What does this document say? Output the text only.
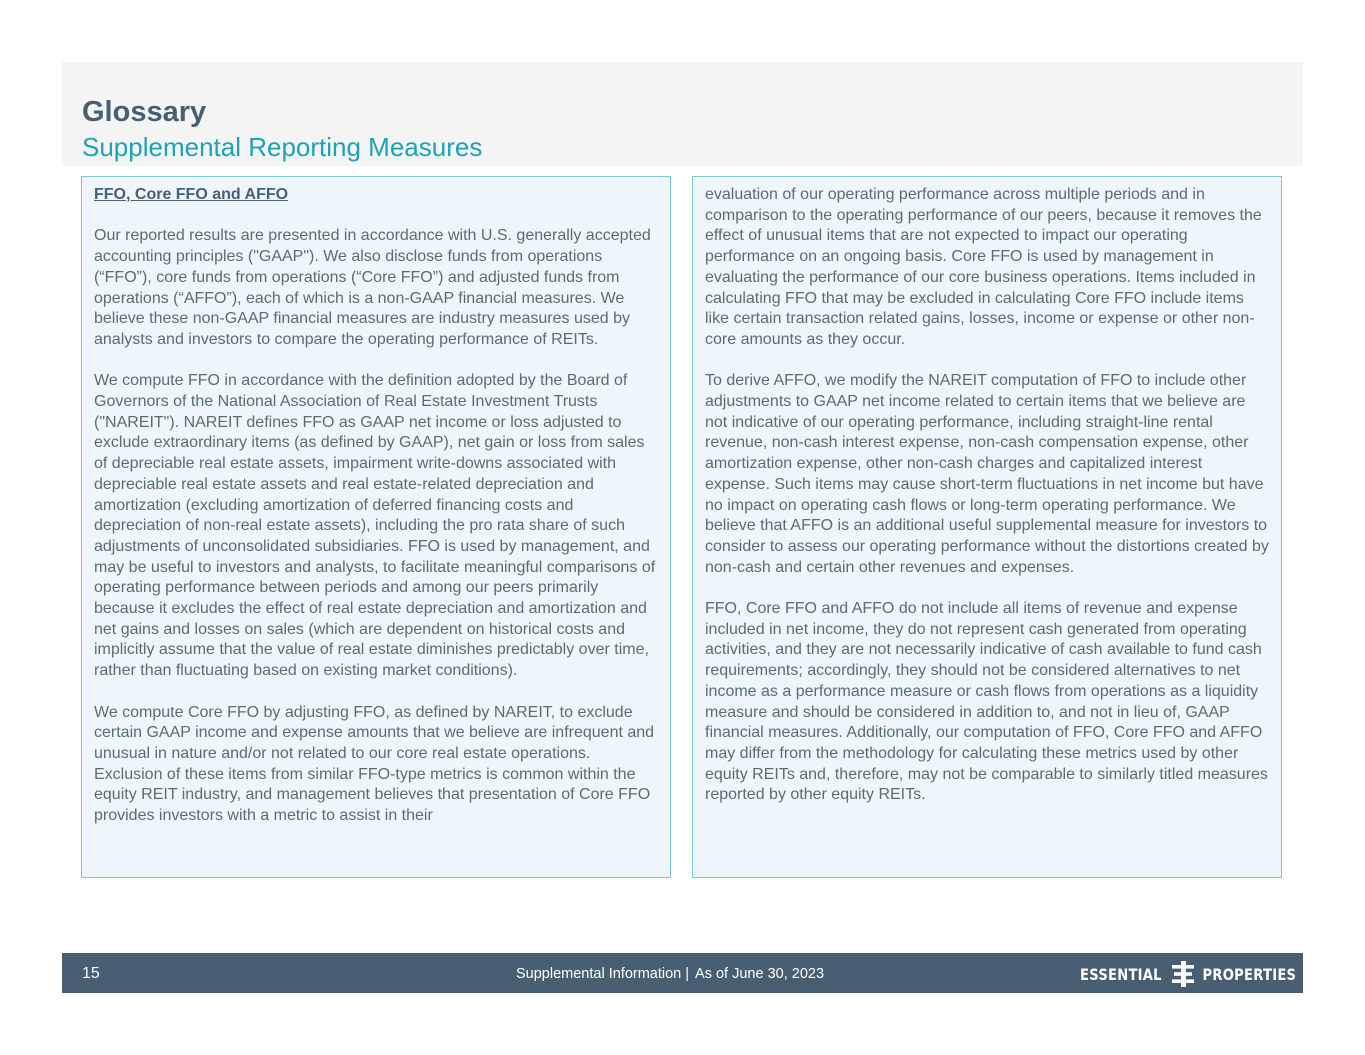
Glossary
Supplemental Reporting Measures
FFO, Core FFO and AFFO

Our reported results are presented in accordance with U.S. generally accepted accounting principles ("GAAP"). We also disclose funds from operations (“FFO”), core funds from operations (“Core FFO”) and adjusted funds from operations (“AFFO”), each of which is a non-GAAP financial measures. We believe these non-GAAP financial measures are industry measures used by analysts and investors to compare the operating performance of REITs.

We compute FFO in accordance with the definition adopted by the Board of Governors of the National Association of Real Estate Investment Trusts ("NAREIT"). NAREIT defines FFO as GAAP net income or loss adjusted to exclude extraordinary items (as defined by GAAP), net gain or loss from sales of depreciable real estate assets, impairment write-downs associated with depreciable real estate assets and real estate-related depreciation and amortization (excluding amortization of deferred financing costs and depreciation of non-real estate assets), including the pro rata share of such adjustments of unconsolidated subsidiaries. FFO is used by management, and may be useful to investors and analysts, to facilitate meaningful comparisons of operating performance between periods and among our peers primarily because it excludes the effect of real estate depreciation and amortization and net gains and losses on sales (which are dependent on historical costs and implicitly assume that the value of real estate diminishes predictably over time, rather than fluctuating based on existing market conditions).

We compute Core FFO by adjusting FFO, as defined by NAREIT, to exclude certain GAAP income and expense amounts that we believe are infrequent and unusual in nature and/or not related to our core real estate operations. Exclusion of these items from similar FFO-type metrics is common within the equity REIT industry, and management believes that presentation of Core FFO provides investors with a metric to assist in their

evaluation of our operating performance across multiple periods and in comparison to the operating performance of our peers, because it removes the effect of unusual items that are not expected to impact our operating performance on an ongoing basis. Core FFO is used by management in evaluating the performance of our core business operations. Items included in calculating FFO that may be excluded in calculating Core FFO include items like certain transaction related gains, losses, income or expense or other non-core amounts as they occur.

To derive AFFO, we modify the NAREIT computation of FFO to include other adjustments to GAAP net income related to certain items that we believe are not indicative of our operating performance, including straight-line rental revenue, non-cash interest expense, non-cash compensation expense, other amortization expense, other non-cash charges and capitalized interest expense. Such items may cause short-term fluctuations in net income but have no impact on operating cash flows or long-term operating performance. We believe that AFFO is an additional useful supplemental measure for investors to consider to assess our operating performance without the distortions created by non-cash and certain other revenues and expenses.

FFO, Core FFO and AFFO do not include all items of revenue and expense included in net income, they do not represent cash generated from operating activities, and they are not necessarily indicative of cash available to fund cash requirements; accordingly, they should not be considered alternatives to net income as a performance measure or cash flows from operations as a liquidity measure and should be considered in addition to, and not in lieu of, GAAP financial measures. Additionally, our computation of FFO, Core FFO and AFFO may differ from the methodology for calculating these metrics used by other equity REITs and, therefore, may not be comparable to similarly titled measures reported by other equity REITs.

15	Supplemental Information | As of June 30, 2023	ESSENTIAL	PROPERTIES
